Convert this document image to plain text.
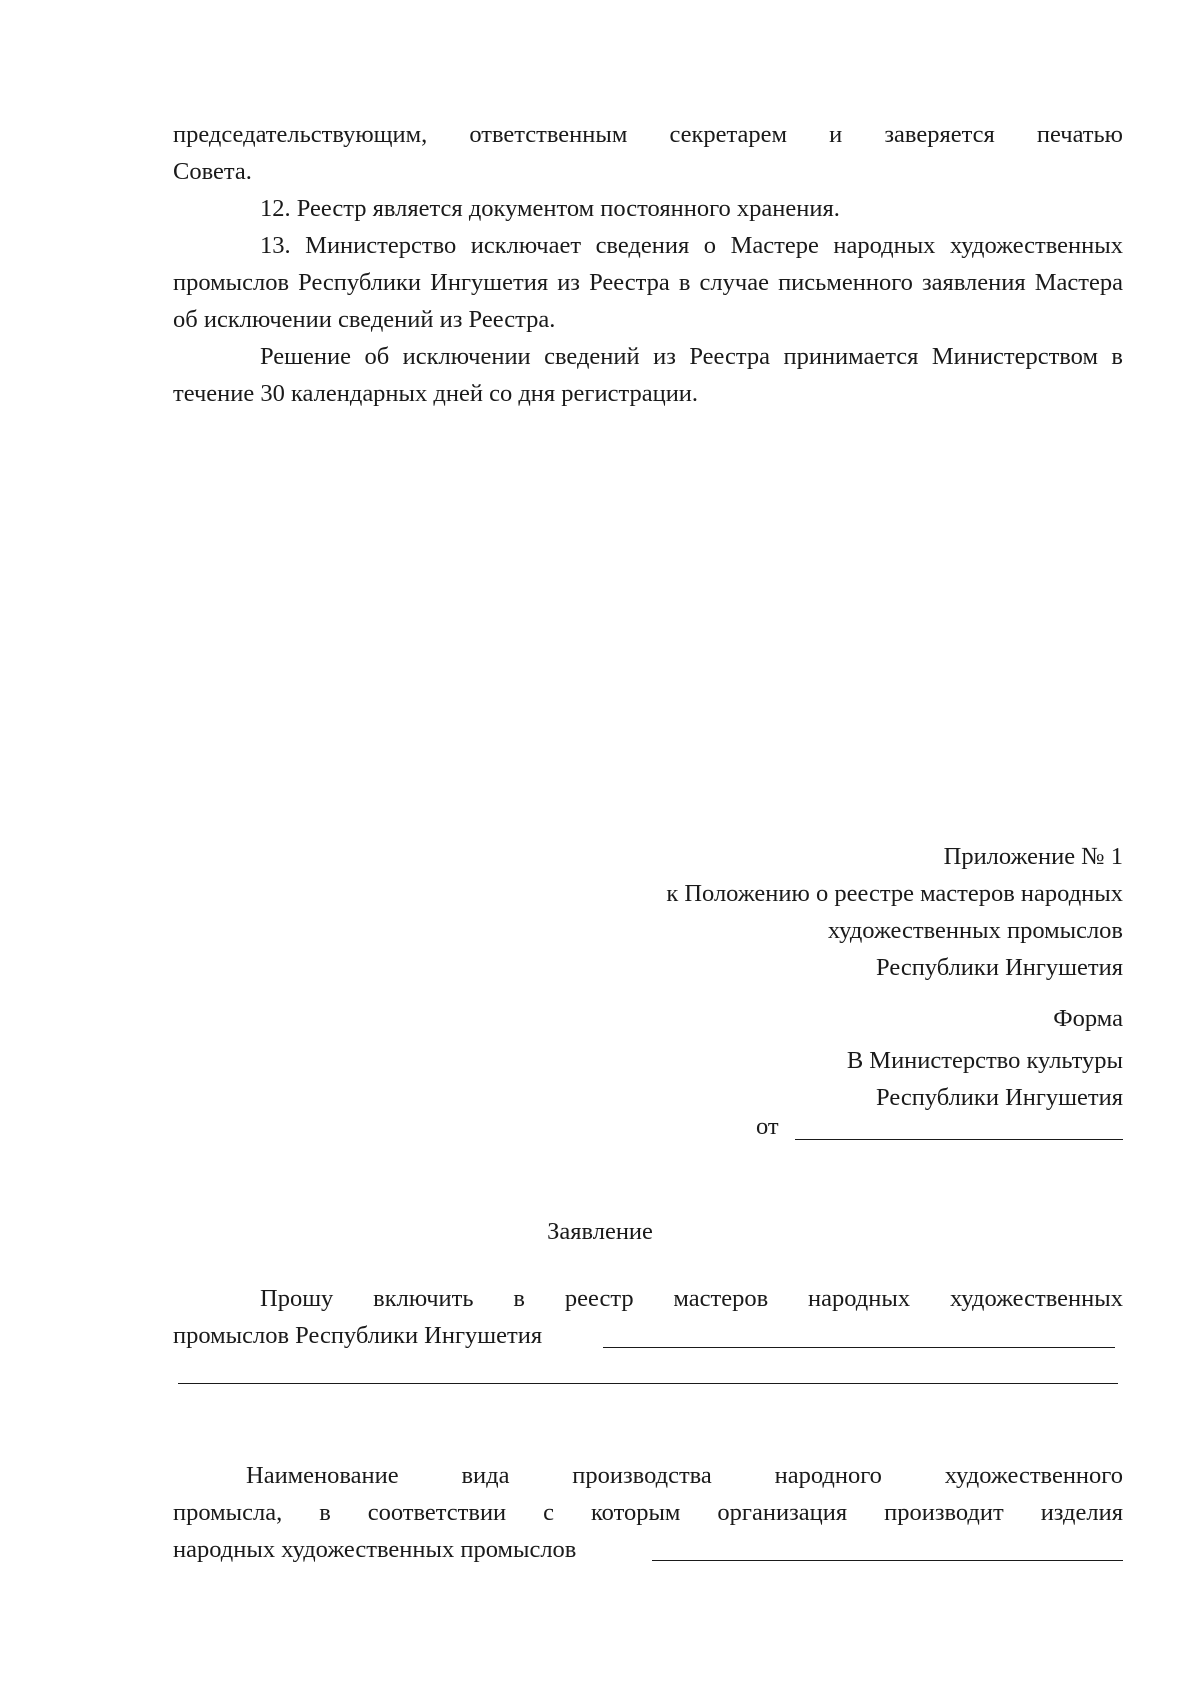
председательствующим, ответственным секретарем и заверяется печатью
Совета.
12. Реестр является документом постоянного хранения.
13. Министерство исключает сведения о Мастере народных художественных промыслов Республики Ингушетия из Реестра в случае письменного заявления Мастера об исключении сведений из Реестра.
Решение об исключении сведений из Реестра принимается Министерством в течение 30 календарных дней со дня регистрации.
Приложение № 1
к Положению о реестре мастеров народных
художественных промыслов
Республики Ингушетия
Форма
В Министерство культуры
Республики Ингушетия
от
Заявление
Прошу включить в реестр мастеров народных художественных
промыслов Республики Ингушетия
Наименование вида производства народного художественного
промысла, в соответствии с которым организация производит изделия
народных художественных промыслов
